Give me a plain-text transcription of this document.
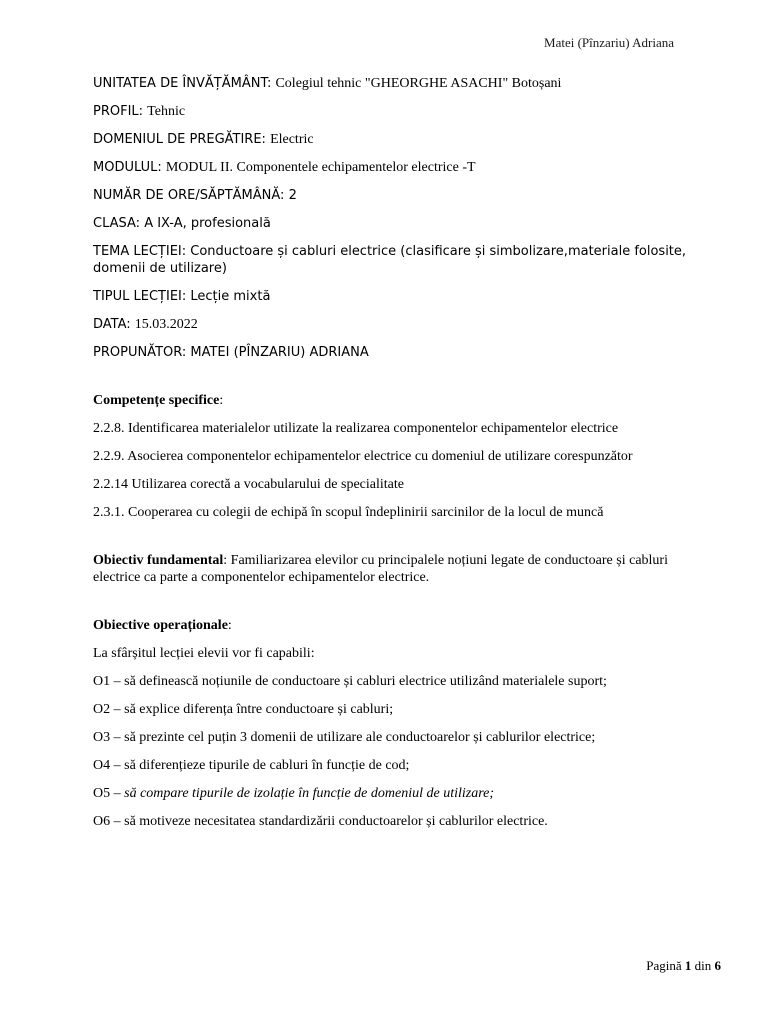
Matei (Pînzariu) Adriana
UNITATEA DE ÎNVĂȚĂMÂNT: Colegiul tehnic "GHEORGHE ASACHI" Botoșani
PROFIL: Tehnic
DOMENIUL DE PREGĂTIRE: Electric
MODULUL: MODUL II. Componentele echipamentelor electrice -T
NUMĂR DE ORE/SĂPTĂMÂNĂ: 2
CLASA: A IX-A, profesională
TEMA LECȚIEI: Conductoare și cabluri electrice (clasificare și simbolizare,materiale folosite, domenii de utilizare)
TIPUL LECȚIEI: Lecție mixtă
DATA: 15.03.2022
PROPUNĂTOR: MATEI (PÎNZARIU) ADRIANA
Competențe specifice:
2.2.8. Identificarea materialelor utilizate la realizarea componentelor echipamentelor electrice
2.2.9. Asocierea componentelor echipamentelor electrice cu domeniul de utilizare corespunzător
2.2.14 Utilizarea corectă a vocabularului de specialitate
2.3.1. Cooperarea cu colegii de echipă în scopul îndeplinirii sarcinilor de la locul de muncă
Obiectiv fundamental: Familiarizarea elevilor cu principalele noțiuni legate de conductoare și cabluri electrice ca parte a componentelor echipamentelor electrice.
Obiective operaționale:
La sfârșitul lecției elevii vor fi capabili:
O1 – să definească noțiunile de conductoare și cabluri electrice utilizând materialele suport;
O2 – să explice diferența între conductoare și cabluri;
O3 – să prezinte cel puțin 3 domenii de utilizare ale conductoarelor și cablurilor electrice;
O4 – să diferențieze tipurile de cabluri în funcție de cod;
O5 – să compare tipurile de izolație în funcție de domeniul de utilizare;
O6 – să motiveze necesitatea standardizării conductoarelor și cablurilor electrice.
Pagină 1 din 6
